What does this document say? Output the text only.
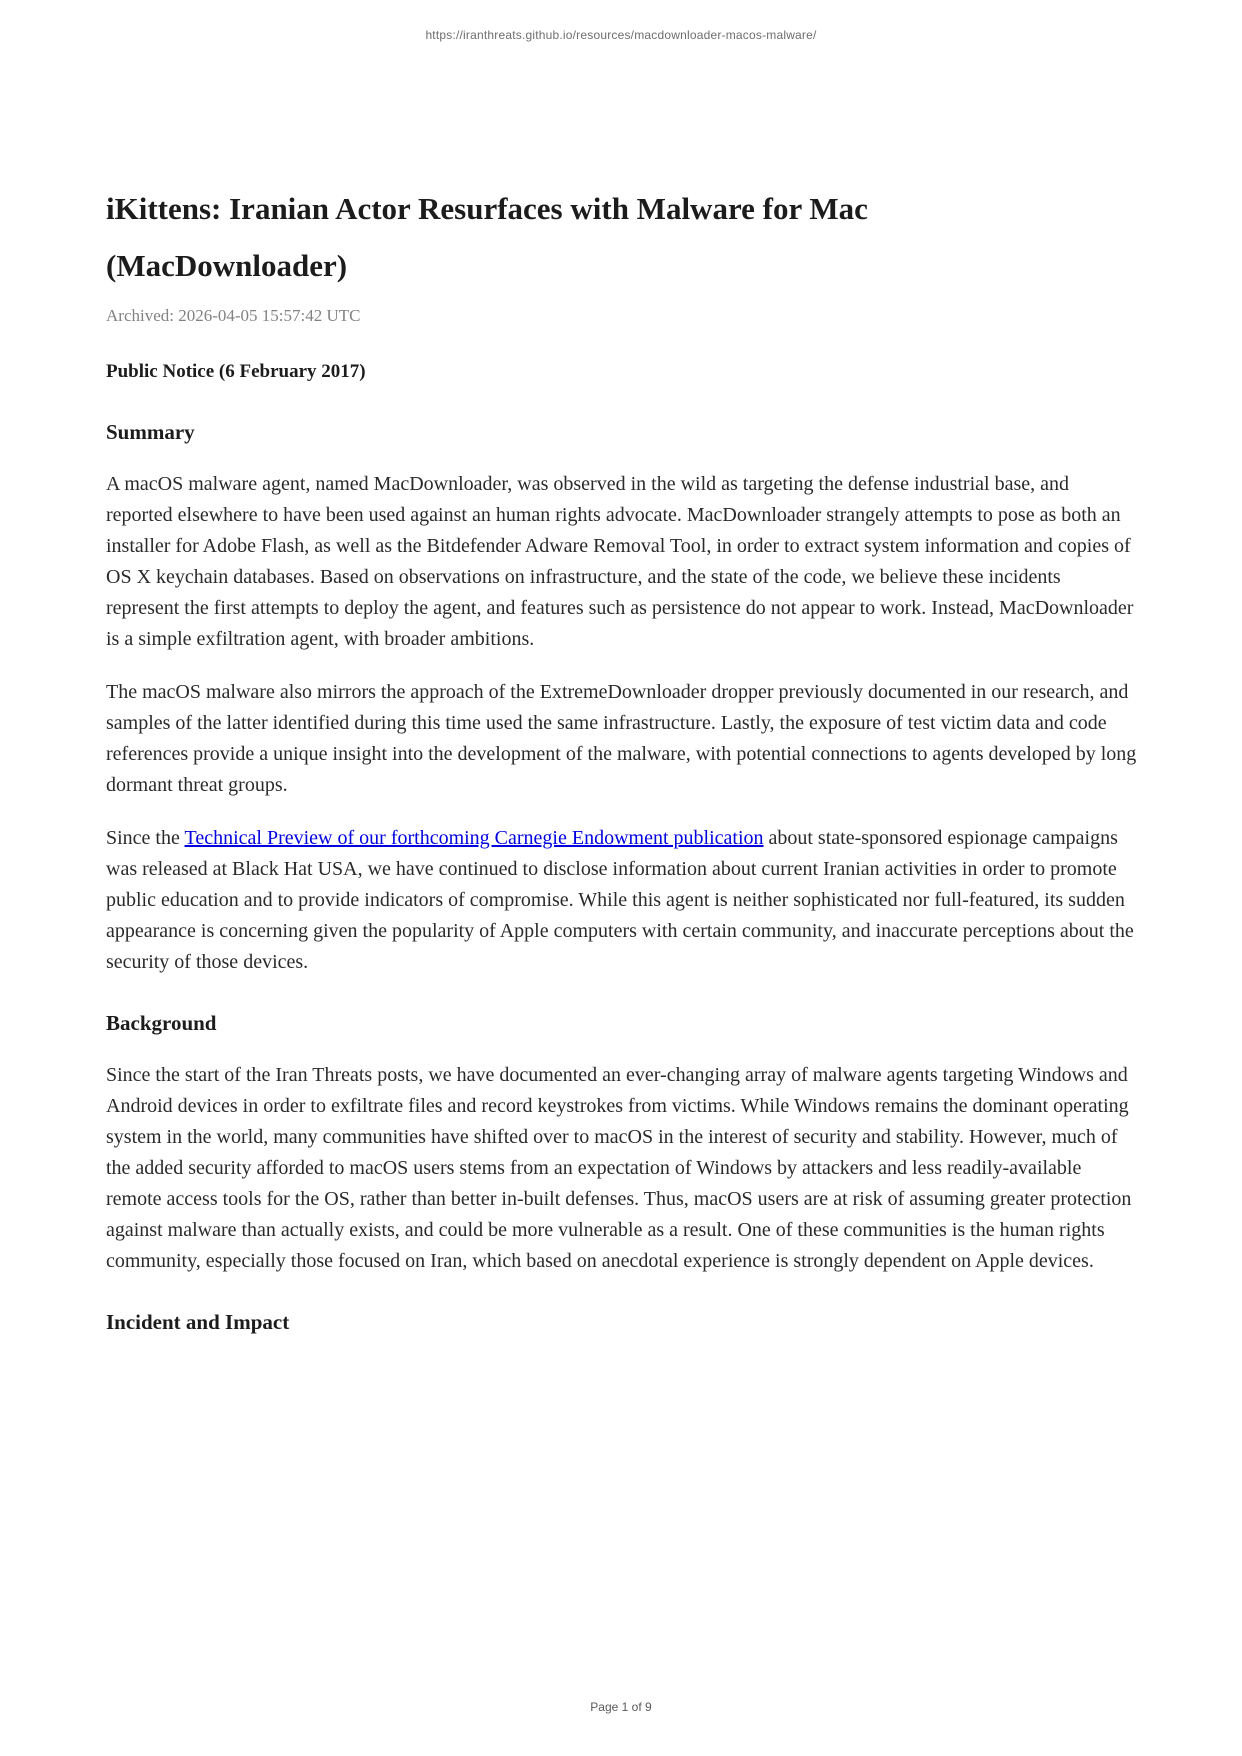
https://iranthreats.github.io/resources/macdownloader-macos-malware/
iKittens: Iranian Actor Resurfaces with Malware for Mac (MacDownloader)
Archived: 2026-04-05 15:57:42 UTC
Public Notice (6 February 2017)
Summary

A macOS malware agent, named MacDownloader, was observed in the wild as targeting the defense industrial base, and reported elsewhere to have been used against an human rights advocate. MacDownloader strangely attempts to pose as both an installer for Adobe Flash, as well as the Bitdefender Adware Removal Tool, in order to extract system information and copies of OS X keychain databases. Based on observations on infrastructure, and the state of the code, we believe these incidents represent the first attempts to deploy the agent, and features such as persistence do not appear to work. Instead, MacDownloader is a simple exfiltration agent, with broader ambitions.

The macOS malware also mirrors the approach of the ExtremeDownloader dropper previously documented in our research, and samples of the latter identified during this time used the same infrastructure. Lastly, the exposure of test victim data and code references provide a unique insight into the development of the malware, with potential connections to agents developed by long dormant threat groups.

Since the Technical Preview of our forthcoming Carnegie Endowment publication about state-sponsored espionage campaigns was released at Black Hat USA, we have continued to disclose information about current Iranian activities in order to promote public education and to provide indicators of compromise. While this agent is neither sophisticated nor full-featured, its sudden appearance is concerning given the popularity of Apple computers with certain community, and inaccurate perceptions about the security of those devices.

Background

Since the start of the Iran Threats posts, we have documented an ever-changing array of malware agents targeting Windows and Android devices in order to exfiltrate files and record keystrokes from victims. While Windows remains the dominant operating system in the world, many communities have shifted over to macOS in the interest of security and stability. However, much of the added security afforded to macOS users stems from an expectation of Windows by attackers and less readily-available remote access tools for the OS, rather than better in-built defenses. Thus, macOS users are at risk of assuming greater protection against malware than actually exists, and could be more vulnerable as a result. One of these communities is the human rights community, especially those focused on Iran, which based on anecdotal experience is strongly dependent on Apple devices.

Incident and Impact
Page 1 of 9
